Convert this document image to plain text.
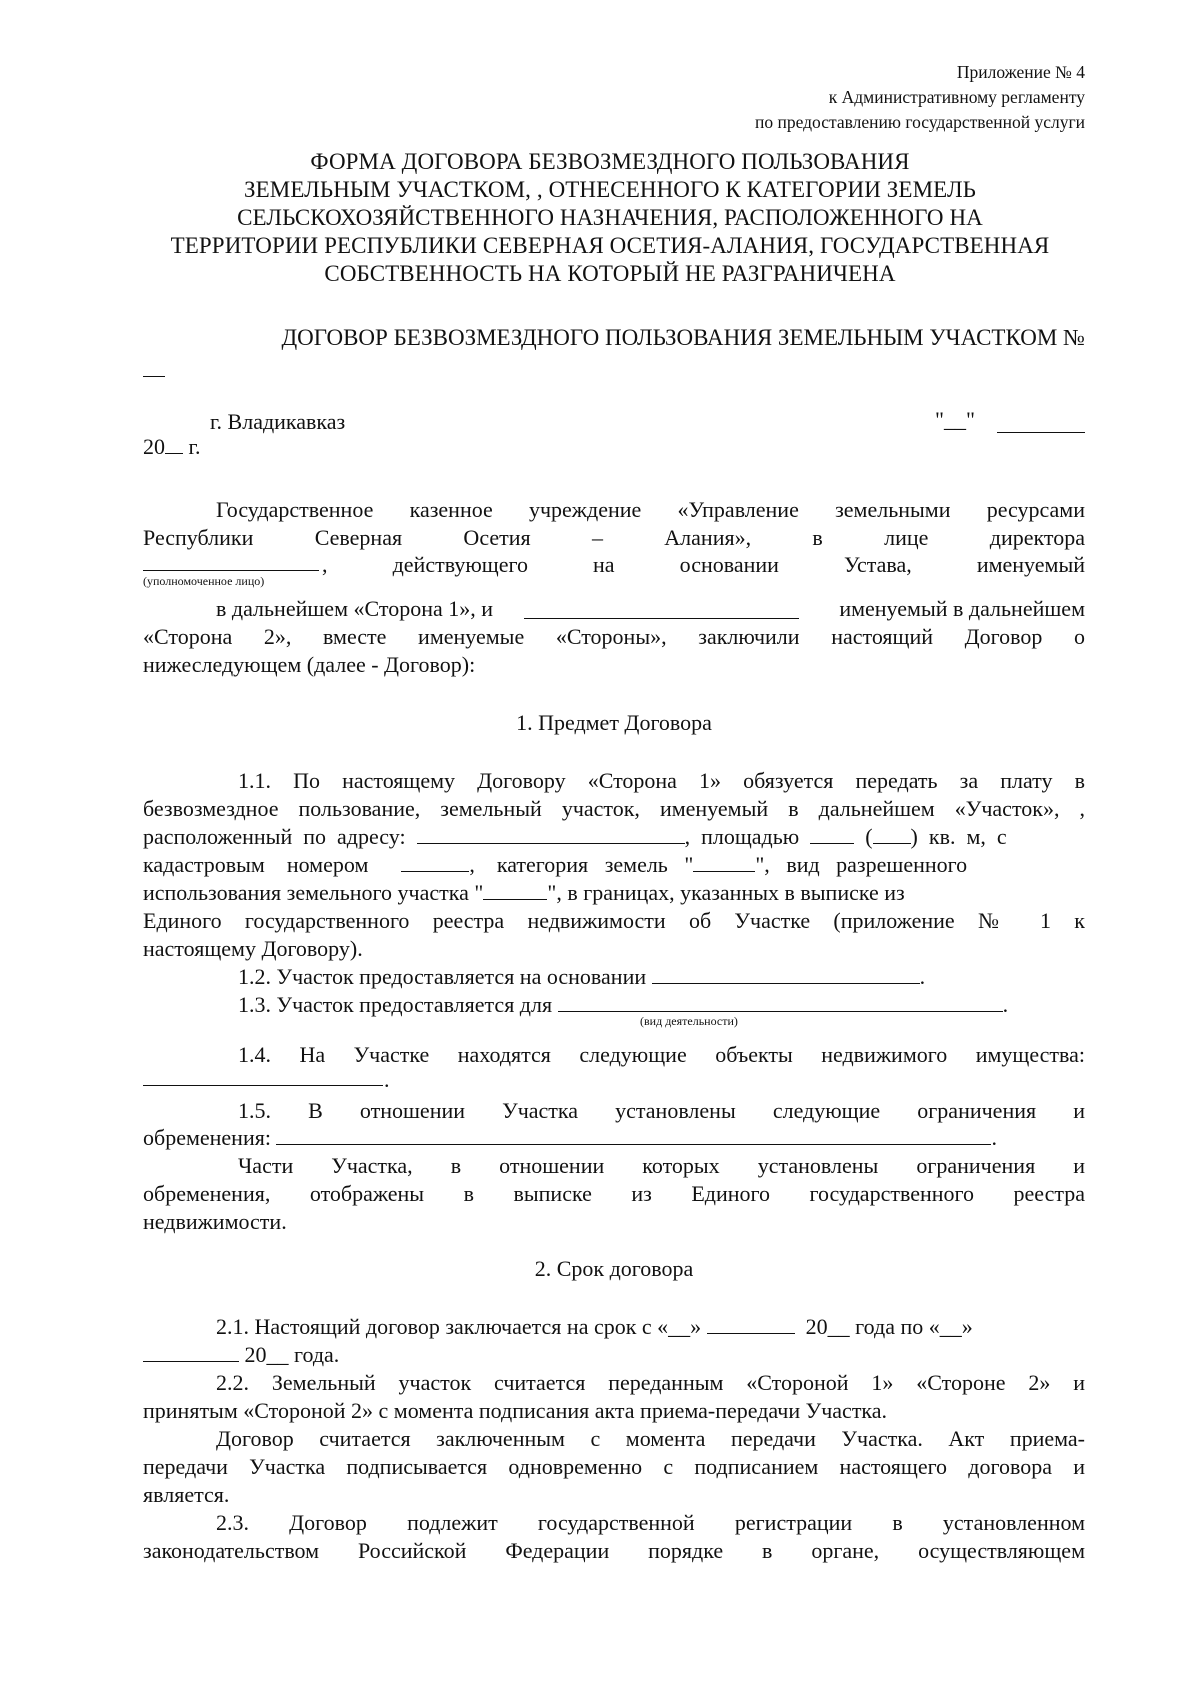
Приложение № 4
к Административному регламенту
по предоставлению государственной услуги
ФОРМА ДОГОВОРА БЕЗВОЗМЕЗДНОГО ПОЛЬЗОВАНИЯ
ЗЕМЕЛЬНЫМ УЧАСТКОМ, , ОТНЕСЕННОГО К КАТЕГОРИИ ЗЕМЕЛЬ
СЕЛЬСКОХОЗЯЙСТВЕННОГО НАЗНАЧЕНИЯ, РАСПОЛОЖЕННОГО НА
ТЕРРИТОРИИ РЕСПУБЛИКИ СЕВЕРНАЯ ОСЕТИЯ-АЛАНИЯ, ГОСУДАРСТВЕННАЯ
СОБСТВЕННОСТЬ НА КОТОРЫЙ НЕ РАЗГРАНИЧЕНА
ДОГОВОР БЕЗВОЗМЕЗДНОГО ПОЛЬЗОВАНИЯ ЗЕМЕЛЬНЫМ УЧАСТКОМ №
г. Владикавказ	"__"
20 г.
Государственное казенное учреждение «Управление земельными ресурсами
Республики Северная Осетия – Алания», в лице директора
, действующего на основании Устава, именуемый
(уполномоченное лицо)
в дальнейшем «Сторона 1», и	именуемый в дальнейшем
«Сторона 2», вместе именуемые «Стороны», заключили настоящий Договор о
нижеследующем (далее - Договор):
1. Предмет Договора
1.1. По настоящему Договору «Сторона 1» обязуется передать за плату в
безвозмездное пользование, земельный участок, именуемый в дальнейшем «Участок», ,
расположенный по адресу:	, площадью	( ) кв. м, с
кадастровым номером	, категория земель "	", вид разрешенного
использования земельного участка "	", в границах, указанных в выписке из
Единого государственного реестра недвижимости об Участке (приложение № 1 к
настоящему Договору).
1.2. Участок предоставляется на основании	.
1.3. Участок предоставляется для	.
(вид деятельности)
1.4. На Участке находятся следующие объекты недвижимого имущества:
.
1.5. В отношении Участка установлены следующие ограничения и
обременения:	.
Части Участка, в отношении которых установлены ограничения и
обременения, отображены в выписке из Единого государственного реестра
недвижимости.
2. Срок договора
2.1. Настоящий договор заключается на срок с «__»	20__ года по «__»
20__ года.
2.2. Земельный участок считается переданным «Стороной 1» «Стороне 2» и
принятым «Стороной 2» с момента подписания акта приема-передачи Участка.
Договор считается заключенным с момента передачи Участка. Акт приема-
передачи Участка подписывается одновременно с подписанием настоящего договора и
является.
2.3. Договор подлежит государственной регистрации в установленном
законодательством Российской Федерации порядке в органе, осуществляющем
